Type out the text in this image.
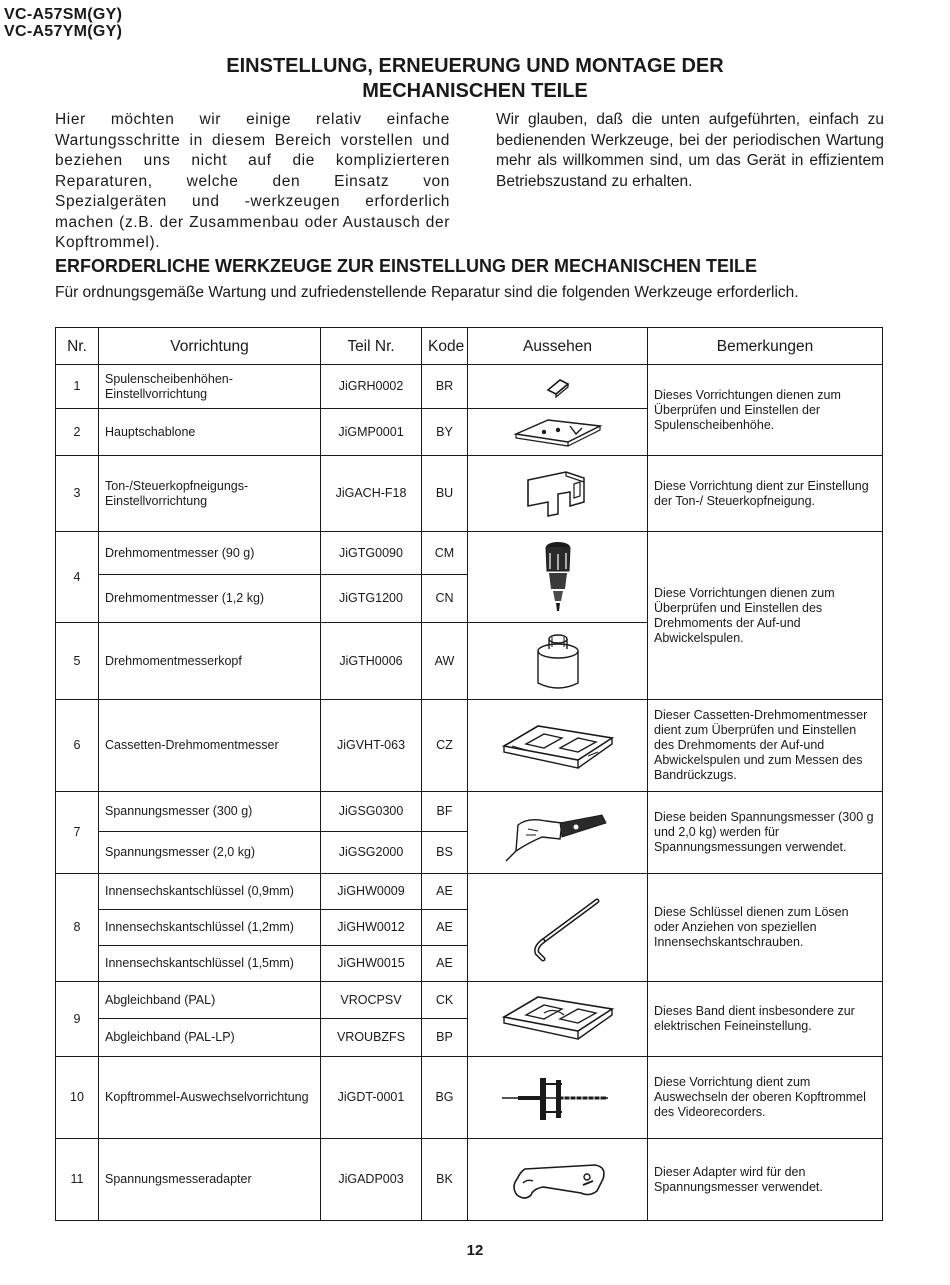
VC-A57SM(GY)
VC-A57YM(GY)
EINSTELLUNG, ERNEUERUNG UND MONTAGE DER
MECHANISCHEN TEILE
Hier möchten wir einige relativ einfache Wartungsschritte in diesem Bereich vorstellen und beziehen uns nicht auf die komplizierteren Reparaturen, welche den Einsatz von Spezialgeräten und -werkzeugen erforderlich machen (z.B. der Zusammenbau oder Austausch der Kopftrommel).
Wir glauben, daß die unten aufgeführten, einfach zu bedienenden Werkzeuge, bei der periodischen Wartung mehr als willkommen sind, um das Gerät in effizientem Betriebszustand zu erhalten.
ERFORDERLICHE WERKZEUGE ZUR EINSTELLUNG DER MECHANISCHEN TEILE
Für ordnungsgemäße Wartung und zufriedenstellende Reparatur sind die folgenden Werkzeuge erforderlich.
Nr.	Vorrichtung	Teil Nr.	Kode	Aussehen	Bemerkungen
1	Spulenscheibenhöhen-Einstellvorrichtung	JiGRH0002	BR		Dieses Vorrichtungen dienen zum Überprüfen und Einstellen der Spulenscheibenhöhe.
2	Hauptschablone	JiGMP0001	BY	

3	Ton-/Steuerkopfneigungs-Einstellvorrichtung	JiGACH-F18	BU		Diese Vorrichtung dient zur Einstellung der Ton-/ Steuerkopfneigung.
4	Drehmomentmesser (90 g)	JiGTG0090	CM		Diese Vorrichtungen dienen zum Überprüfen und Einstellen des Drehmoments der Auf-und Abwickelspulen.
	Drehmomentmesser (1,2 kg)	JiGTG1200	CN		
5	Drehmomentmesserkopf	JiGTH0006	AW	

6	Cassetten-Drehmomentmesser	JiGVHT-063	CZ		Dieser Cassetten-Drehmomentmesser dient zum Überprüfen und Einstellen des Drehmoments der Auf-und Abwickelspulen und zum Messen des Bandrückzugs.
7	Spannungsmesser (300 g)	JiGSG0300	BF		Diese beiden Spannungsmesser (300 g und 2,0 kg) werden für Spannungsmessungen verwendet.
	Spannungsmesser (2,0 kg)	JiGSG2000	BS		
8	Innensechskantschlüssel (0,9mm)	JiGHW0009	AE		Diese Schlüssel dienen zum Lösen oder Anziehen von speziellen Innensechskantschrauben.
	Innensechskantschlüssel (1,2mm)	JiGHW0012	AE		
	Innensechskantschlüssel (1,5mm)	JiGHW0015	AE		
9	Abgleichband (PAL)	VROCPSV	CK		Dieses Band dient insbesondere zur elektrischen Feineinstellung.
	Abgleichband (PAL-LP)	VROUBZFS	BP		
10	Kopftrommel-Auswechselvorrichtung	JiGDT-0001	BG		Diese Vorrichtung dient zum Auswechseln der oberen Kopftrommel des Videorecorders.
11	Spannungsmesseradapter	JiGADP003	BK		Dieser Adapter wird für den Spannungsmesser verwendet.
12
